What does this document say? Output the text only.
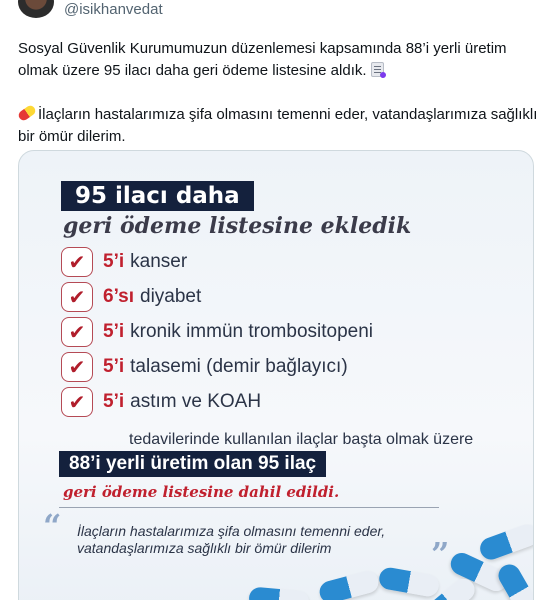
@isikhanvedat

Sosyal Güvenlik Kurumumuzun düzenlemesi kapsamında 88’i yerli üretim olmak üzere 95 ilacı daha geri ödeme listesine aldık.

İlaçların hastalarımıza şifa olmasını temenni eder, vatandaşlarımıza sağlıklı bir ömür dilerim.

95 ilacı daha
geri ödeme listesine ekledik
✔ 5’i kanser
✔ 6’sı diyabet
✔ 5’i kronik immün trombositopeni
✔ 5’i talasemi (demir bağlayıcı)
✔ 5’i astım ve KOAH
tedavilerinde kullanılan ilaçlar başta olmak üzere
88’i yerli üretim olan 95 ilaç
geri ödeme listesine dahil edildi.
“ İlaçların hastalarımıza şifa olmasını temenni eder,
vatandaşlarımıza sağlıklı bir ömür dilerim	”
